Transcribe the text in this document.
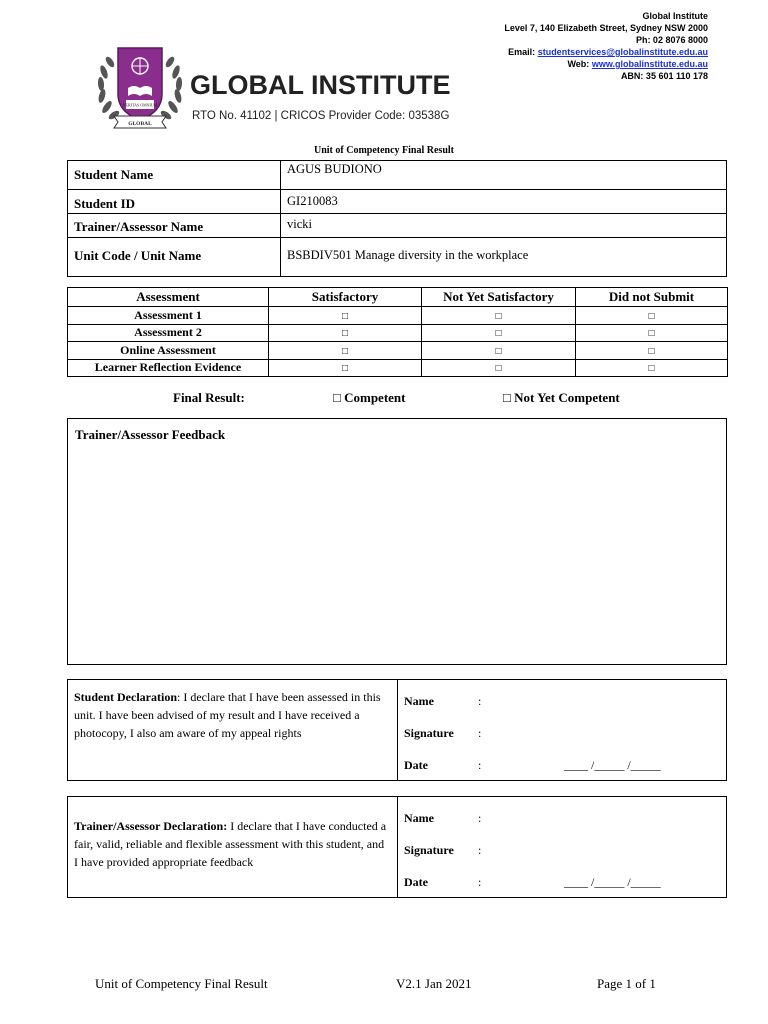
Global Institute
Level 7, 140 Elizabeth Street, Sydney NSW 2000
Ph: 02 8076 8000
Email: studentservices@globalinstitute.edu.au
Web: www.globalinstitute.edu.au
ABN: 35 601 110 178
VERITAS OMNIUM
GLOBAL
GLOBAL INSTITUTE
RTO No. 41102 | CRICOS Provider Code: 03538G
Unit of Competency Final Result
Student Name	AGUS BUDIONO
Student ID	GI210083
Trainer/Assessor Name	vicki
Unit Code / Unit Name	BSBDIV501 Manage diversity in the workplace
Assessment	Satisfactory	Not Yet Satisfactory	Did not Submit
Assessment 1	□	□	□
Assessment 2	□	□	□
Online Assessment	□	□	□
Learner Reflection Evidence	□	□	□
Final Result:	□ Competent	□ Not Yet Competent
Trainer/Assessor Feedback
Student Declaration: I declare that I have been assessed in this unit. I have been advised of my result and I have received a photocopy, I also am aware of my appeal rights
Name	:
Signature :
Date	:	____ /_____ /_____
Trainer/Assessor Declaration: I declare that I have conducted a fair, valid, reliable and flexible assessment with this student, and I have provided appropriate feedback
Name	:
Signature :
Date	:	____ /_____ /_____
Unit of Competency Final Result	V2.1 Jan 2021	Page 1 of 1
